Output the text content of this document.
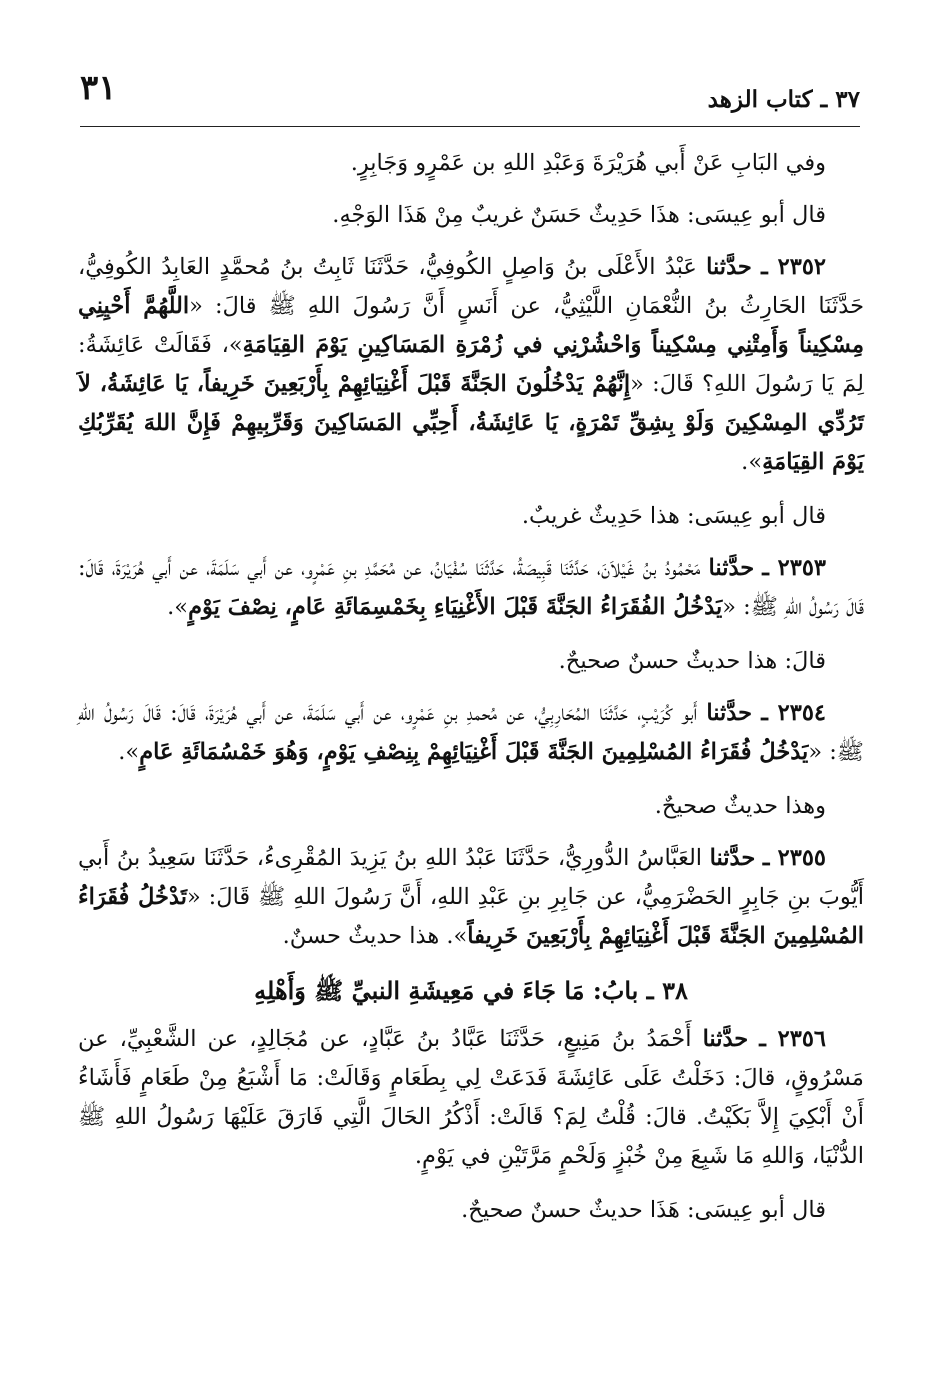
٣٧ ـ كتاب الزهد
٣١

وفي البَابِ عَنْ أَبي هُرَيْرَةَ وَعَبْدِ اللهِ بن عَمْرٍو وَجَابِرٍ.

قال أبو عِيسَى: هذَا حَدِيثٌ حَسَنٌ غريبٌ مِنْ هَذَا الوَجْهِ.

٢٣٥٢ ـ حدَّثنا عَبْدُ الأَعْلَى بنُ وَاصِلٍ الكُوفِيُّ، حَدَّثَنَا ثَابِتُ بنُ مُحمَّدٍ العَابِدُ الكُوفِيُّ، حَدَّثَنَا الحَارِثُ بنُ النُّعْمَانِ اللَّيْثِيُّ، عن أَنَسٍ أَنَّ رَسُولَ اللهِ ﷺ قالَ: «اللَّهُمَّ أَحْيِنِي مِسْكِيناً وَأَمِتْنِي مِسْكِيناً وَاحْشُرْنِي في زُمْرَةِ المَسَاكِينِ يَوْمَ القِيَامَةِ»، فَقَالَتْ عَائِشَةُ: لِمَ يَا رَسُولَ اللهِ؟ قَالَ: «إِنَّهُمْ يَدْخُلُونَ الجَنَّةَ قَبْلَ أَغْنِيَائِهِمْ بِأَرْبَعِينَ خَرِيفاً، يَا عَائِشَةُ، لاَ تَرُدِّي المِسْكِينَ وَلَوْ بِشِقِّ تَمْرَةٍ، يَا عَائِشَةُ، أَحِبِّي المَسَاكِينَ وَقَرِّبِيهِمْ فَإِنَّ اللهَ يُقَرِّبُكِ يَوْمَ القِيَامَةِ».

قال أبو عِيسَى: هذا حَدِيثٌ غريبٌ.

٢٣٥٣ ـ حدَّثنا مَحْمُودُ بنُ غَيْلاَنَ، حَدَّثَنَا قَبِيصَةُ، حَدَّثَنَا سُفْيَانُ، عن مُحَمَّدِ بنِ عَمْرٍو، عن أَبي سَلَمَةَ، عن أَبي هُرَيْرَةَ، قَالَ: قَالَ رَسُولُ اللهِ ﷺ: «يَدْخُلُ الفُقَرَاءُ الجَنَّةَ قَبْلَ الأَغْنِيَاءِ بِخَمْسِمَائَةِ عَامٍ، نِصْفَ يَوْمٍ».

قالَ: هذا حديثٌ حسنٌ صحيحٌ.

٢٣٥٤ ـ حدَّثنا أَبو كُرَيْبٍ، حَدَّثَنَا المُحَارِبِيُّ، عن مُحمدِ بنِ عَمْرٍو، عن أَبي سَلَمَةَ، عن أَبي هُرَيْرَةَ، قَالَ: قَالَ رَسُولُ اللهِ ﷺ: «يَدْخُلُ فُقَرَاءُ المُسْلِمِينَ الجَنَّةَ قَبْلَ أَغْنِيَائِهِمْ بِنِصْفِ يَوْمٍ، وَهُوَ خَمْسُمَائَةِ عَامٍ».

وهذا حديثٌ صحيحٌ.

٢٣٥٥ ـ حدَّثنا العَبَّاسُ الدُّورِيُّ، حَدَّثَنَا عَبْدُ اللهِ بنُ يَزِيدَ المُقْرِىءُ، حَدَّثَنَا سَعِيدُ بنُ أَبي أَيُّوبَ بنِ جَابِرٍ الحَضْرَمِيُّ، عن جَابِرِ بنِ عَبْدِ اللهِ، أَنَّ رَسُولَ اللهِ ﷺ قَالَ: «تَدْخُلُ فُقَرَاءُ المُسْلِمِينَ الجَنَّةَ قَبْلَ أَغْنِيَائِهِمْ بِأَرْبَعِينَ خَرِيفاً». هذا حديثٌ حسنٌ.

٣٨ ـ بابُ: مَا جَاءَ في مَعِيشَةِ النبيِّ ﷺ وَأَهْلِهِ

٢٣٥٦ ـ حدَّثنا أَحْمَدُ بنُ مَنِيعٍ، حَدَّثَنَا عَبَّادُ بنُ عَبَّادٍ، عن مُجَالِدٍ، عن الشَّعْبِيِّ، عن مَسْرُوقٍ، قالَ: دَخَلْتُ عَلَى عَائِشَةَ فَدَعَتْ لِي بِطَعَامٍ وَقَالَتْ: مَا أَشْبَعُ مِنْ طَعَامٍ فَأَشَاءُ أَنْ أَبْكِيَ إِلاَّ بَكَيْتُ. قالَ: قُلْتُ لِمَ؟ قَالَتْ: أَذْكُرُ الحَالَ الَّتِي فَارَقَ عَلَيْهَا رَسُولُ اللهِ ﷺ الدُّنْيَا، وَاللهِ مَا شَبِعَ مِنْ خُبْزٍ وَلَحْمٍ مَرَّتَيْنِ في يَوْمٍ.

قال أبو عِيسَى: هَذَا حديثٌ حسنٌ صحيحٌ.
